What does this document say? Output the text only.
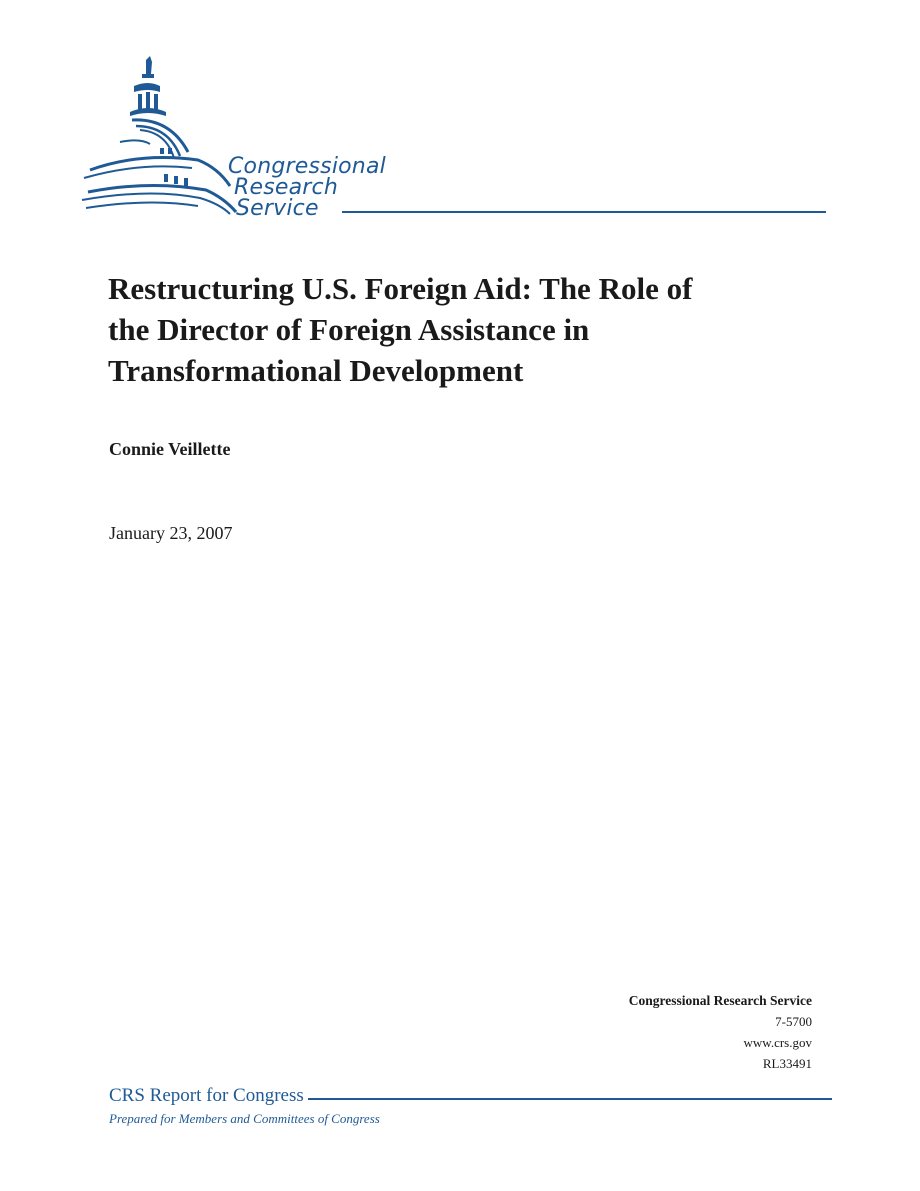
Congressional
Research
Service
Restructuring U.S. Foreign Aid: The Role of
the Director of Foreign Assistance in
Transformational Development
Connie Veillette
January 23, 2007
Congressional Research Service
7-5700
www.crs.gov
RL33491
CRS Report for Congress
Prepared for Members and Committees of Congress
